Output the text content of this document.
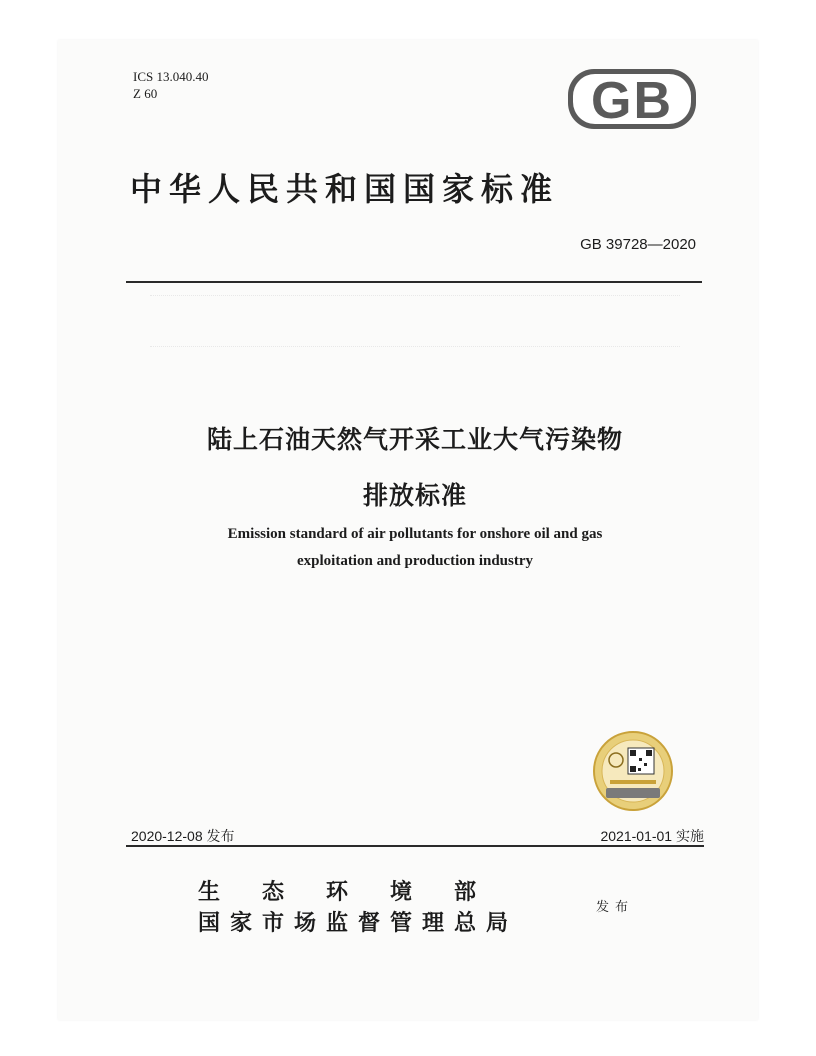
ICS 13.040.40
Z 60	GB
中华人民共和国国家标准
GB 39728—2020
陆上石油天然气开采工业大气污染物
排放标准
Emission standard of air pollutants for onshore oil and gas
exploitation and production industry
2020-12-08 发布	2021-01-01 实施
生态环境部
国家市场监督管理总局
发布
